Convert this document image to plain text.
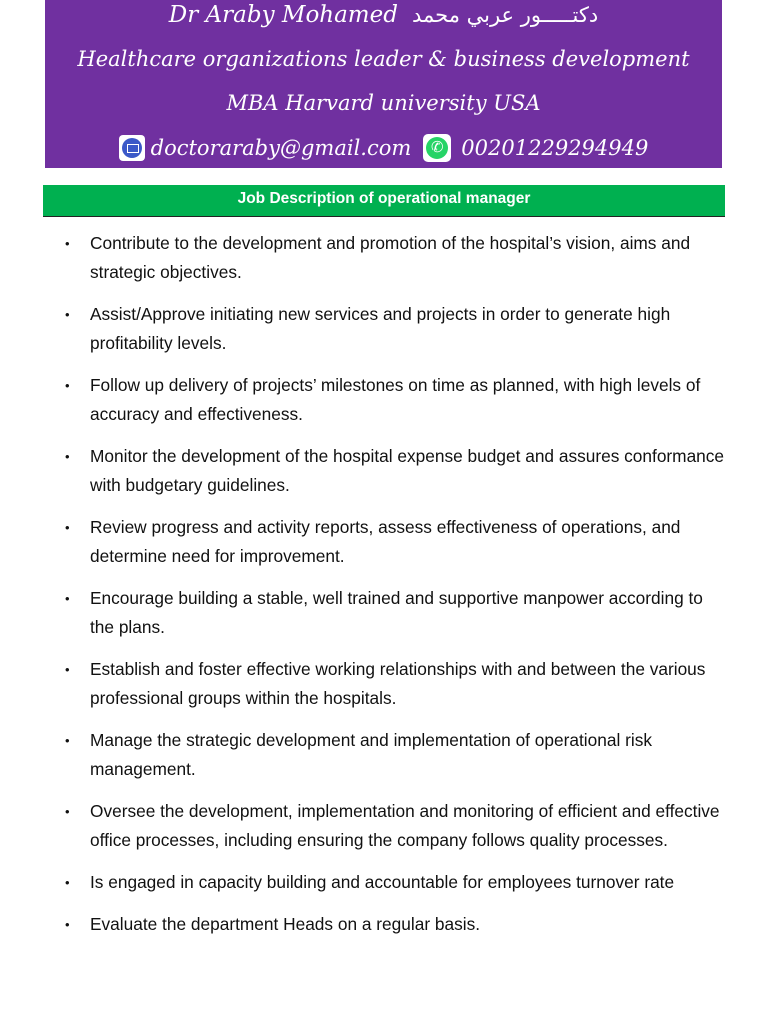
Dr Araby Mohamed دكتـــــور عربي محمد
Healthcare organizations leader & business development
MBA Harvard university USA
doctoraraby@gmail.com
✆ 00201229294949
Job Description of operational manager
• Contribute to the development and promotion of the hospital’s vision, aims and strategic objectives.
• Assist/Approve initiating new services and projects in order to generate high profitability levels.
• Follow up delivery of projects’ milestones on time as planned, with high levels of accuracy and effectiveness.
• Monitor the development of the hospital expense budget and assures conformance with budgetary guidelines.
• Review progress and activity reports, assess effectiveness of operations, and determine need for improvement.
• Encourage building a stable, well trained and supportive manpower according to the plans.
• Establish and foster effective working relationships with and between the various professional groups within the hospitals.
• Manage the strategic development and implementation of operational risk management.
• Oversee the development, implementation and monitoring of efficient and effective office processes, including ensuring the company follows quality processes.
• Is engaged in capacity building and accountable for employees turnover rate
• Evaluate the department Heads on a regular basis.
